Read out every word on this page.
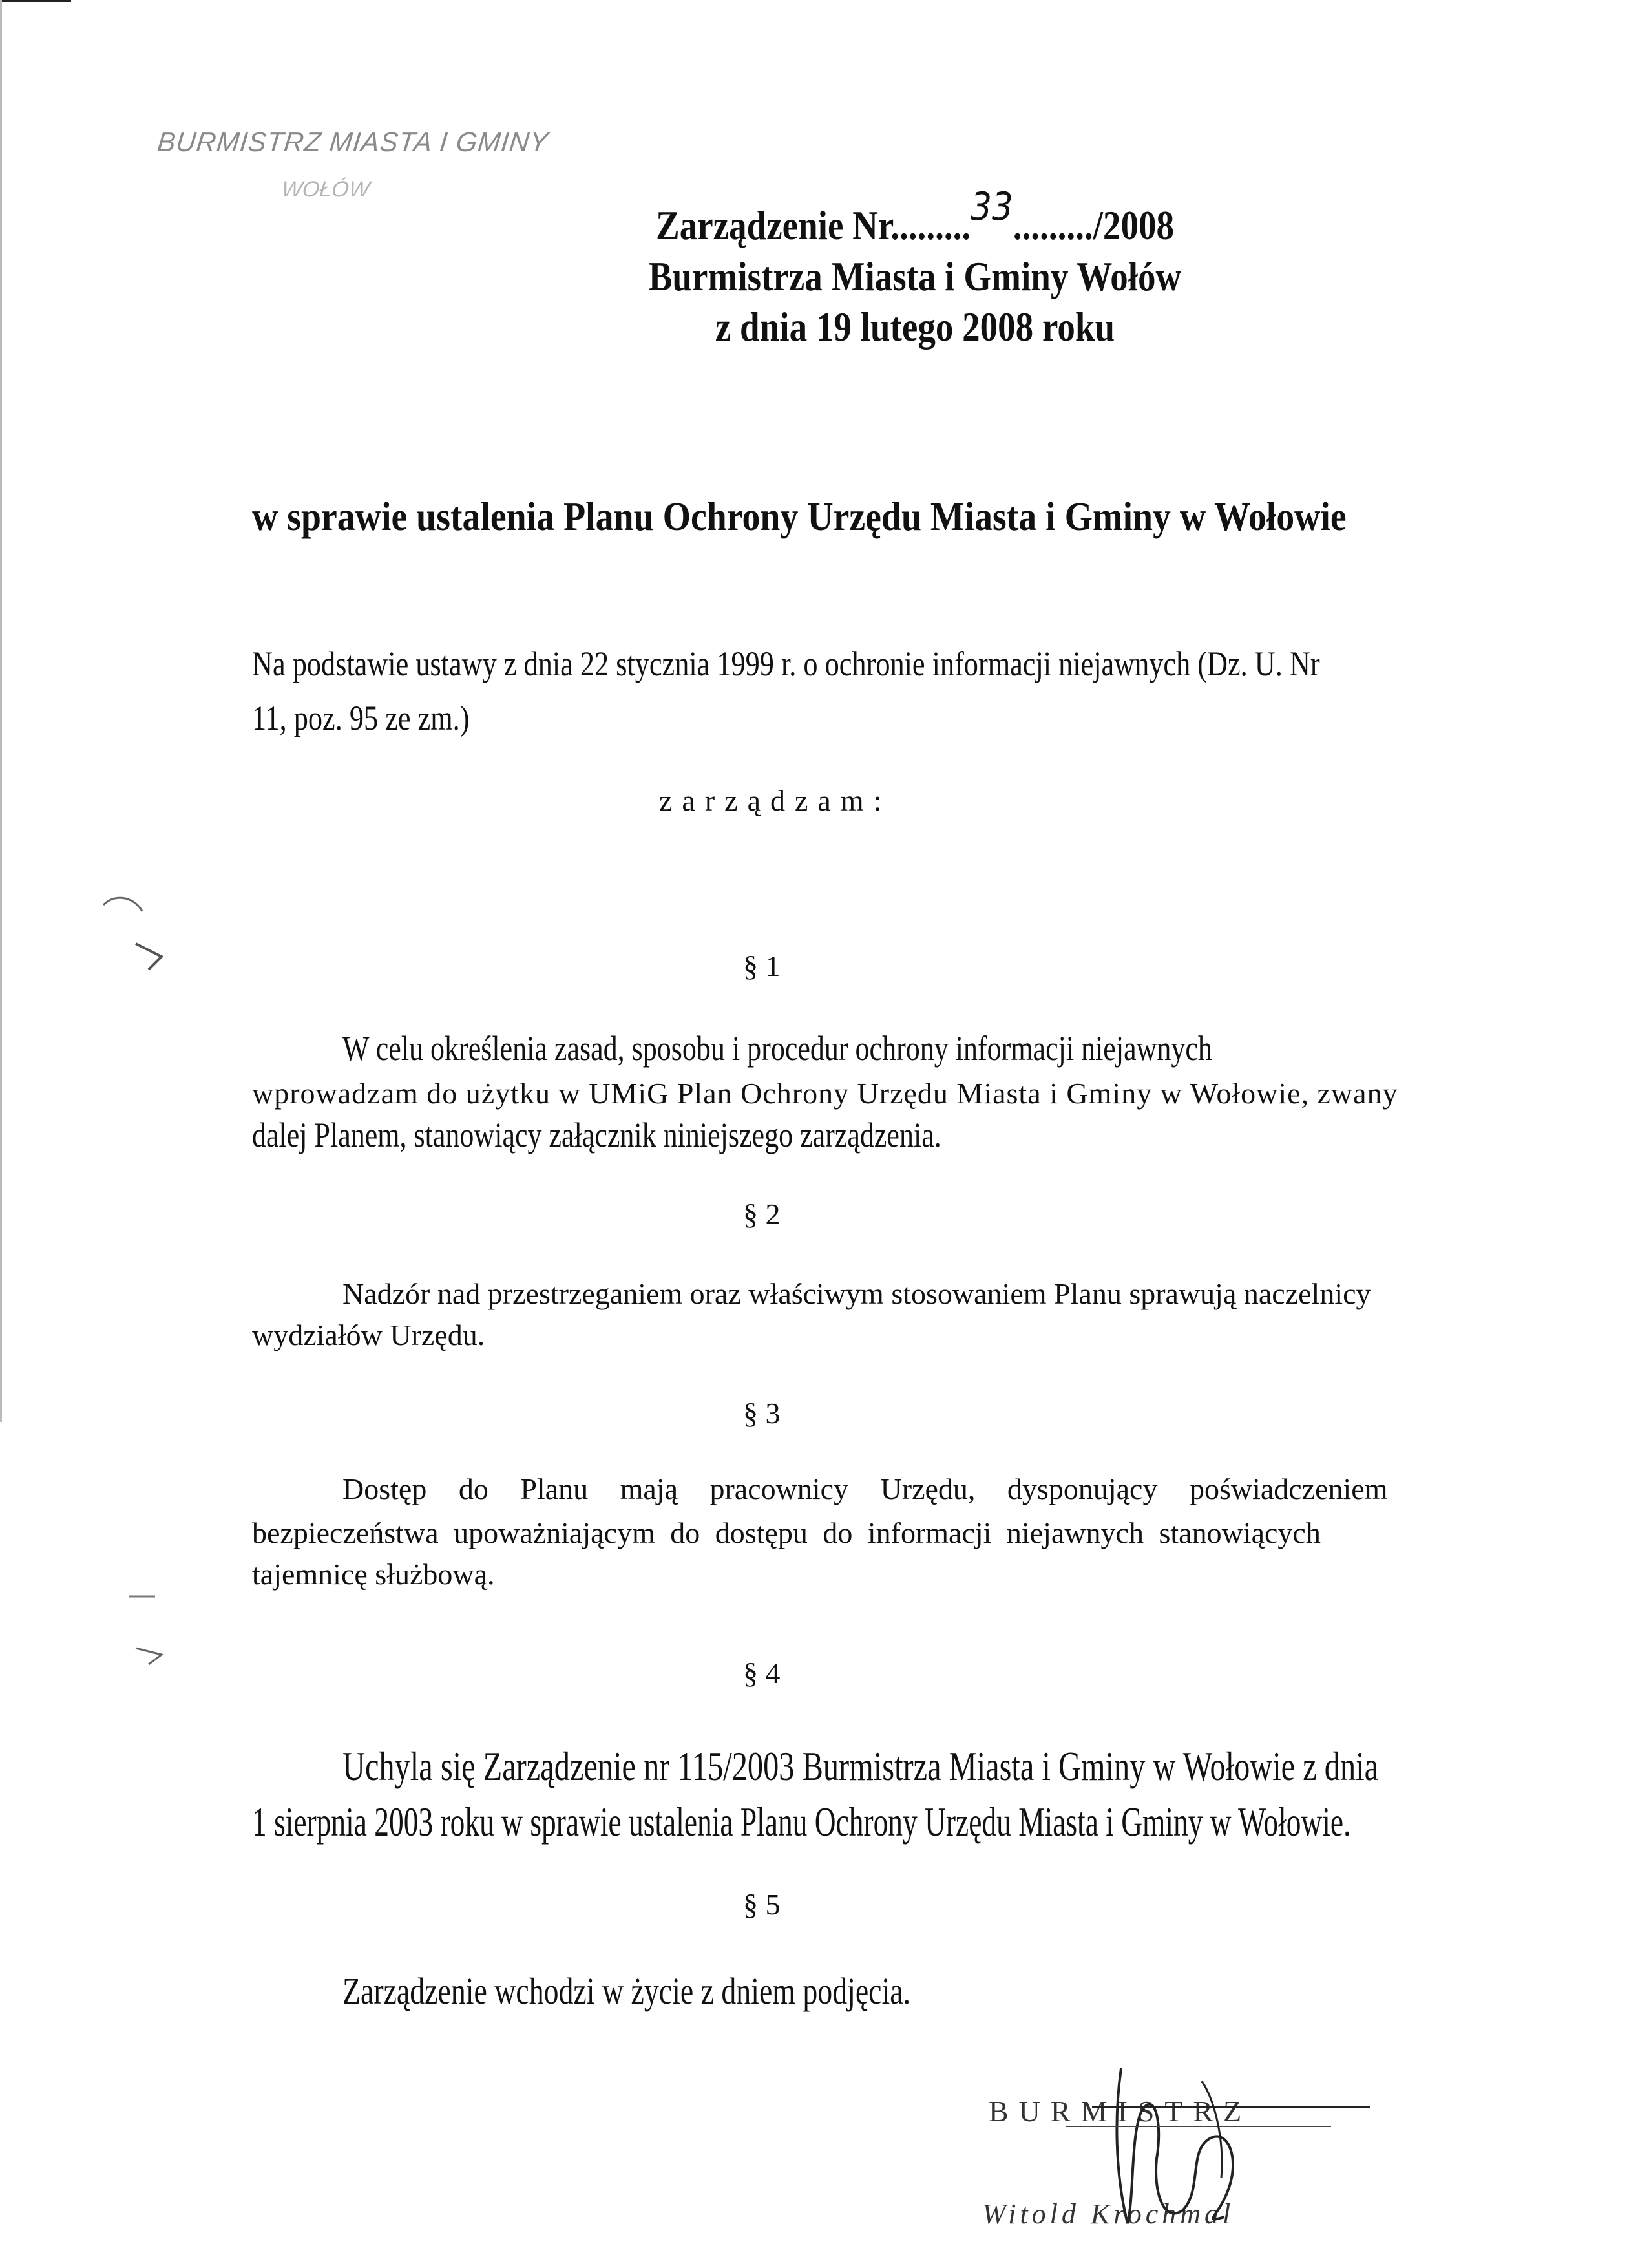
BURMISTRZ MIASTA I GMINY
WOŁÓW
Zarządzenie Nr.........33........./2008
Burmistrza Miasta i Gminy Wołów
z dnia 19 lutego 2008 roku
w sprawie ustalenia Planu Ochrony Urzędu Miasta i Gminy w Wołowie
Na podstawie ustawy z dnia 22 stycznia 1999 r. o ochronie informacji niejawnych (Dz. U. Nr
11, poz. 95 ze zm.)
zarządzam:
§ 1
W celu określenia zasad, sposobu i procedur ochrony informacji niejawnych
wprowadzam do użytku w UMiG Plan Ochrony Urzędu Miasta i Gminy w Wołowie, zwany
dalej Planem, stanowiący załącznik niniejszego zarządzenia.
§ 2
Nadzór nad przestrzeganiem oraz właściwym stosowaniem Planu sprawują naczelnicy
wydziałów Urzędu.
§ 3
Dostęp do Planu mają pracownicy Urzędu, dysponujący poświadczeniem
bezpieczeństwa upoważniającym do dostępu do informacji niejawnych stanowiących
tajemnicę służbową.
§ 4
Uchyla się Zarządzenie nr 115/2003 Burmistrza Miasta i Gminy w Wołowie z dnia
1 sierpnia 2003 roku w sprawie ustalenia Planu Ochrony Urzędu Miasta i Gminy w Wołowie.
§ 5
Zarządzenie wchodzi w życie z dniem podjęcia.
BURMISTRZ
Witold Krochmal
